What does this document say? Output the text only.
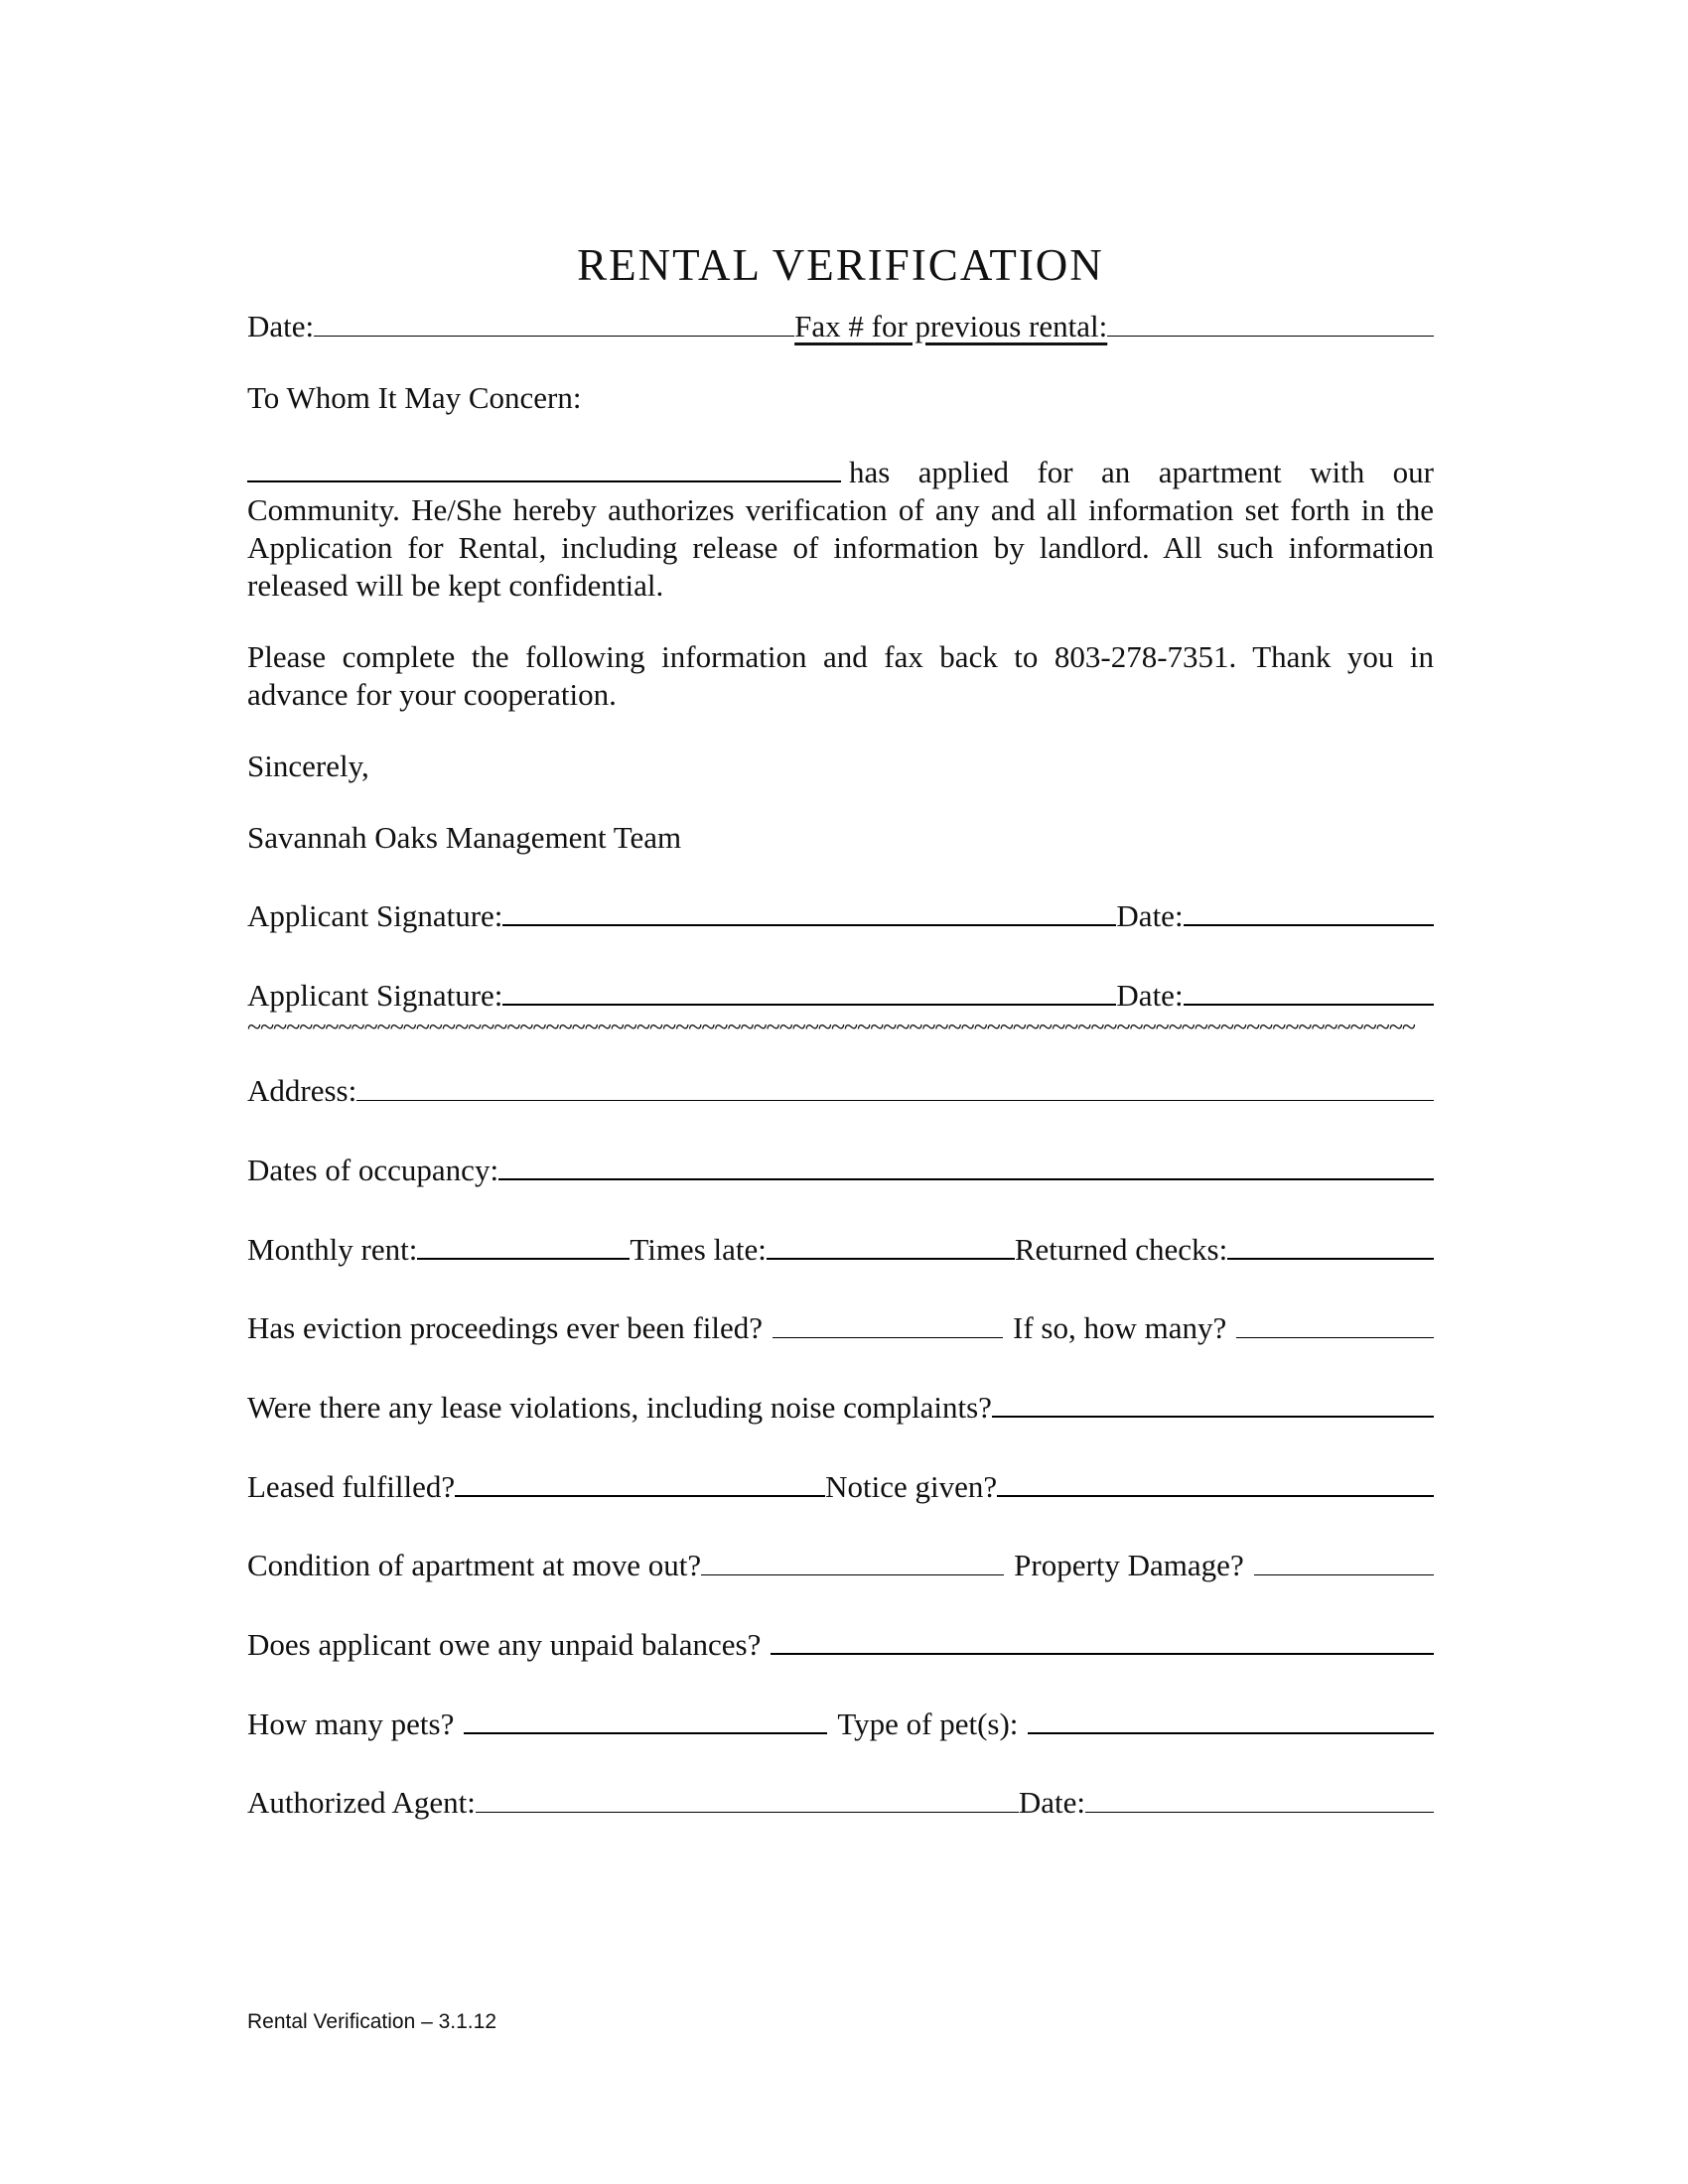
RENTAL VERIFICATION
Date:	Fax # for previous rental:
To Whom It May Concern:
has applied for an apartment with our

Community. He/She hereby authorizes verification of any and all information set forth in the Application for Rental, including release of information by landlord. All such information released will be kept confidential.

Please complete the following information and fax back to 803-278-7351. Thank you in advance for your cooperation.

Sincerely,
Savannah Oaks Management Team
Applicant Signature:	Date:
Applicant Signature:	Date:
~~~~~~~~~~~~~~~~~~~~~~~~~~~~~~~~~~~~~~~~~~~~~~~~~~~~~~~~~~~~~~~~~~~~~~~~~~~~~~~~~~~~~~~~~~
Address:
Dates of occupancy:
Monthly rent:	Times late:	Returned checks:
Has eviction proceedings ever been filed?	If so, how many?
Were there any lease violations, including noise complaints?
Leased fulfilled?	Notice given?
Condition of apartment at move out?	Property Damage?
Does applicant owe any unpaid balances?
How many pets?	Type of pet(s):
Authorized Agent:	Date:
Rental Verification – 3.1.12
